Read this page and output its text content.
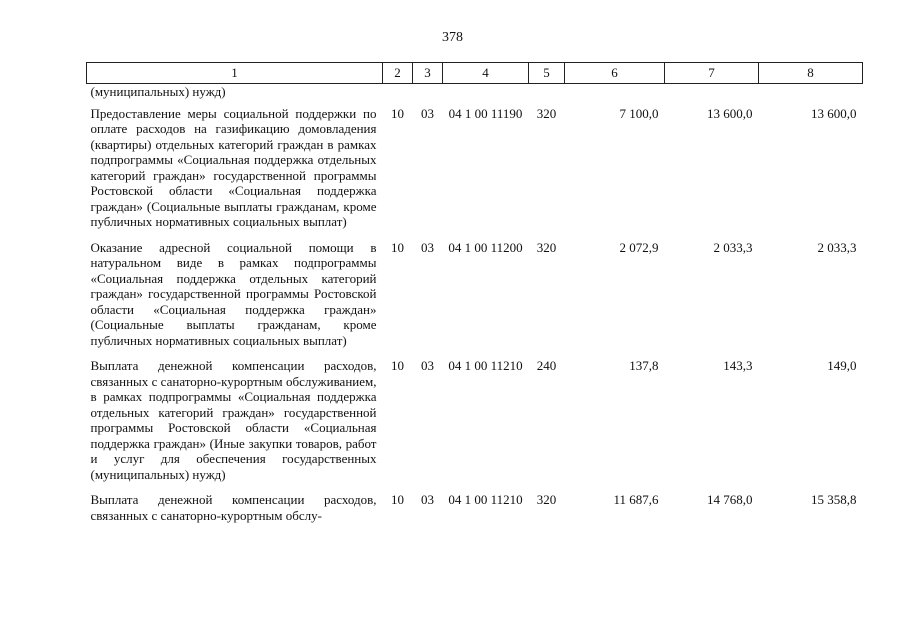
378
1	2	3	4	5	6	7	8
(муниципальных) нужд)							
Предоставление меры социальной поддержки по оплате расходов на газификацию домовладения (квартиры) отдельных категорий граждан в рамках подпрограммы «Социальная поддержка отдельных категорий граждан» государственной программы Ростовской области «Социальная поддержка граждан» (Социальные выплаты гражданам, кроме публичных нормативных социальных выплат)	10	03	04 1 00 11190	320	7 100,0	13 600,0	13 600,0
Оказание адресной социальной помощи в натуральном виде в рамках подпрограммы «Социальная поддержка отдельных категорий граждан» государственной программы Ростовской области «Социальная поддержка граждан» (Социальные выплаты гражданам, кроме публичных нормативных социальных выплат)	10	03	04 1 00 11200	320	2 072,9	2 033,3	2 033,3
Выплата денежной компенсации расходов, связанных с санаторно-курортным обслуживанием, в рамках подпрограммы «Социальная поддержка отдельных категорий граждан» государственной программы Ростовской области «Социальная поддержка граждан» (Иные закупки товаров, работ и услуг для обеспечения государственных (муниципальных) нужд)	10	03	04 1 00 11210	240	137,8	143,3	149,0
Выплата денежной компенсации расходов, связанных с санаторно-курортным обслу-	10	03	04 1 00 11210	320	11 687,6	14 768,0	15 358,8
